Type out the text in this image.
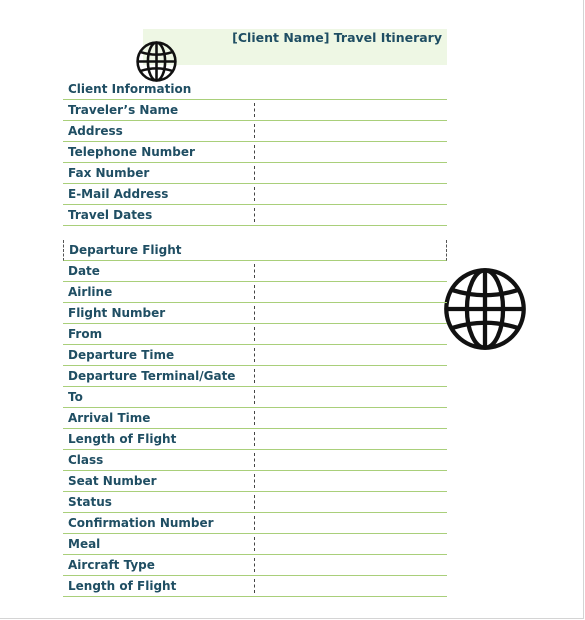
[Client Name] Travel Itinerary
Client Information
Traveler’s Name
Address
Telephone Number
Fax Number
E-Mail Address
Travel Dates
Departure Flight
Date
Airline
Flight Number
From
Departure Time
Departure Terminal/Gate
To
Arrival Time
Length of Flight
Class
Seat Number
Status
Confirmation Number
Meal
Aircraft Type
Length of Flight
